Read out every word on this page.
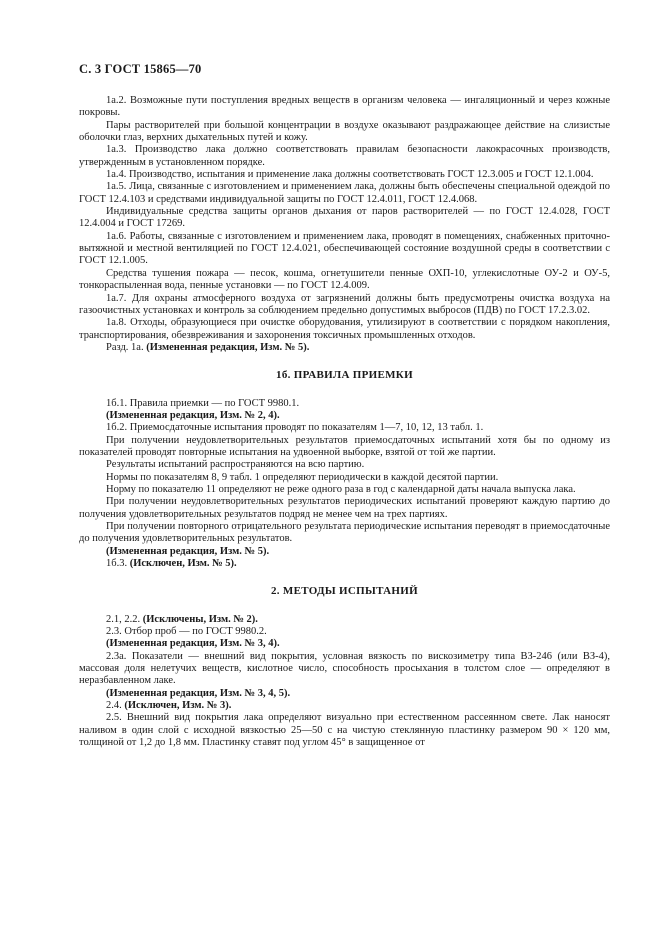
С. 3 ГОСТ 15865—70

1а.2. Возможные пути поступления вредных веществ в организм человека — ингаляционный и через кожные покровы.

Пары растворителей при большой концентрации в воздухе оказывают раздражающее действие на слизистые оболочки глаз, верхних дыхательных путей и кожу.

1а.3. Производство лака должно соответствовать правилам безопасности лакокрасочных производств, утвержденным в установленном порядке.

1а.4. Производство, испытания и применение лака должны соответствовать ГОСТ 12.3.005 и ГОСТ 12.1.004.

1а.5. Лица, связанные с изготовлением и применением лака, должны быть обеспечены специальной одеждой по ГОСТ 12.4.103 и средствами индивидуальной защиты по ГОСТ 12.4.011, ГОСТ 12.4.068.

Индивидуальные средства защиты органов дыхания от паров растворителей — по ГОСТ 12.4.028, ГОСТ 12.4.004 и ГОСТ 17269.

1а.6. Работы, связанные с изготовлением и применением лака, проводят в помещениях, снабженных приточно-вытяжной и местной вентиляцией по ГОСТ 12.4.021, обеспечивающей состояние воздушной среды в соответствии с ГОСТ 12.1.005.

Средства тушения пожара — песок, кошма, огнетушители пенные ОХП-10, углекислотные ОУ-2 и ОУ-5, тонкораспыленная вода, пенные установки — по ГОСТ 12.4.009.

1а.7. Для охраны атмосферного воздуха от загрязнений должны быть предусмотрены очистка воздуха на газоочистных установках и контроль за соблюдением предельно допустимых выбросов (ПДВ) по ГОСТ 17.2.3.02.

1а.8. Отходы, образующиеся при очистке оборудования, утилизируют в соответствии с порядком накопления, транспортирования, обезвреживания и захоронения токсичных промышленных отходов.

Разд. 1а. (Измененная редакция, Изм. № 5).

1б. ПРАВИЛА ПРИЕМКИ

1б.1. Правила приемки — по ГОСТ 9980.1.

(Измененная редакция, Изм. № 2, 4).

1б.2. Приемосдаточные испытания проводят по показателям 1—7, 10, 12, 13 табл. 1.

При получении неудовлетворительных результатов приемосдаточных испытаний хотя бы по одному из показателей проводят повторные испытания на удвоенной выборке, взятой от той же партии.

Результаты испытаний распространяются на всю партию.

Нормы по показателям 8, 9 табл. 1 определяют периодически в каждой десятой партии.

Норму по показателю 11 определяют не реже одного раза в год с календарной даты начала выпуска лака.

При получении неудовлетворительных результатов периодических испытаний проверяют каждую партию до получения удовлетворительных результатов подряд не менее чем на трех партиях.

При получении повторного отрицательного результата периодические испытания переводят в приемосдаточные до получения удовлетворительных результатов.

(Измененная редакция, Изм. № 5).

1б.3. (Исключен, Изм. № 5).

2. МЕТОДЫ ИСПЫТАНИЙ

2.1, 2.2. (Исключены, Изм. № 2).

2.3. Отбор проб — по ГОСТ 9980.2.

(Измененная редакция, Изм. № 3, 4).

2.3а. Показатели — внешний вид покрытия, условная вязкость по вискозиметру типа ВЗ-246 (или ВЗ-4), массовая доля нелетучих веществ, кислотное число, способность просыхания в толстом слое — определяют в неразбавленном лаке.

(Измененная редакция, Изм. № 3, 4, 5).

2.4. (Исключен, Изм. № 3).

2.5. Внешний вид покрытия лака определяют визуально при естественном рассеянном свете. Лак наносят наливом в один слой с исходной вязкостью 25—50 с на чистую стеклянную пластинку размером 90 × 120 мм, толщиной от 1,2 до 1,8 мм. Пластинку ставят под углом 45° в защищенное от
